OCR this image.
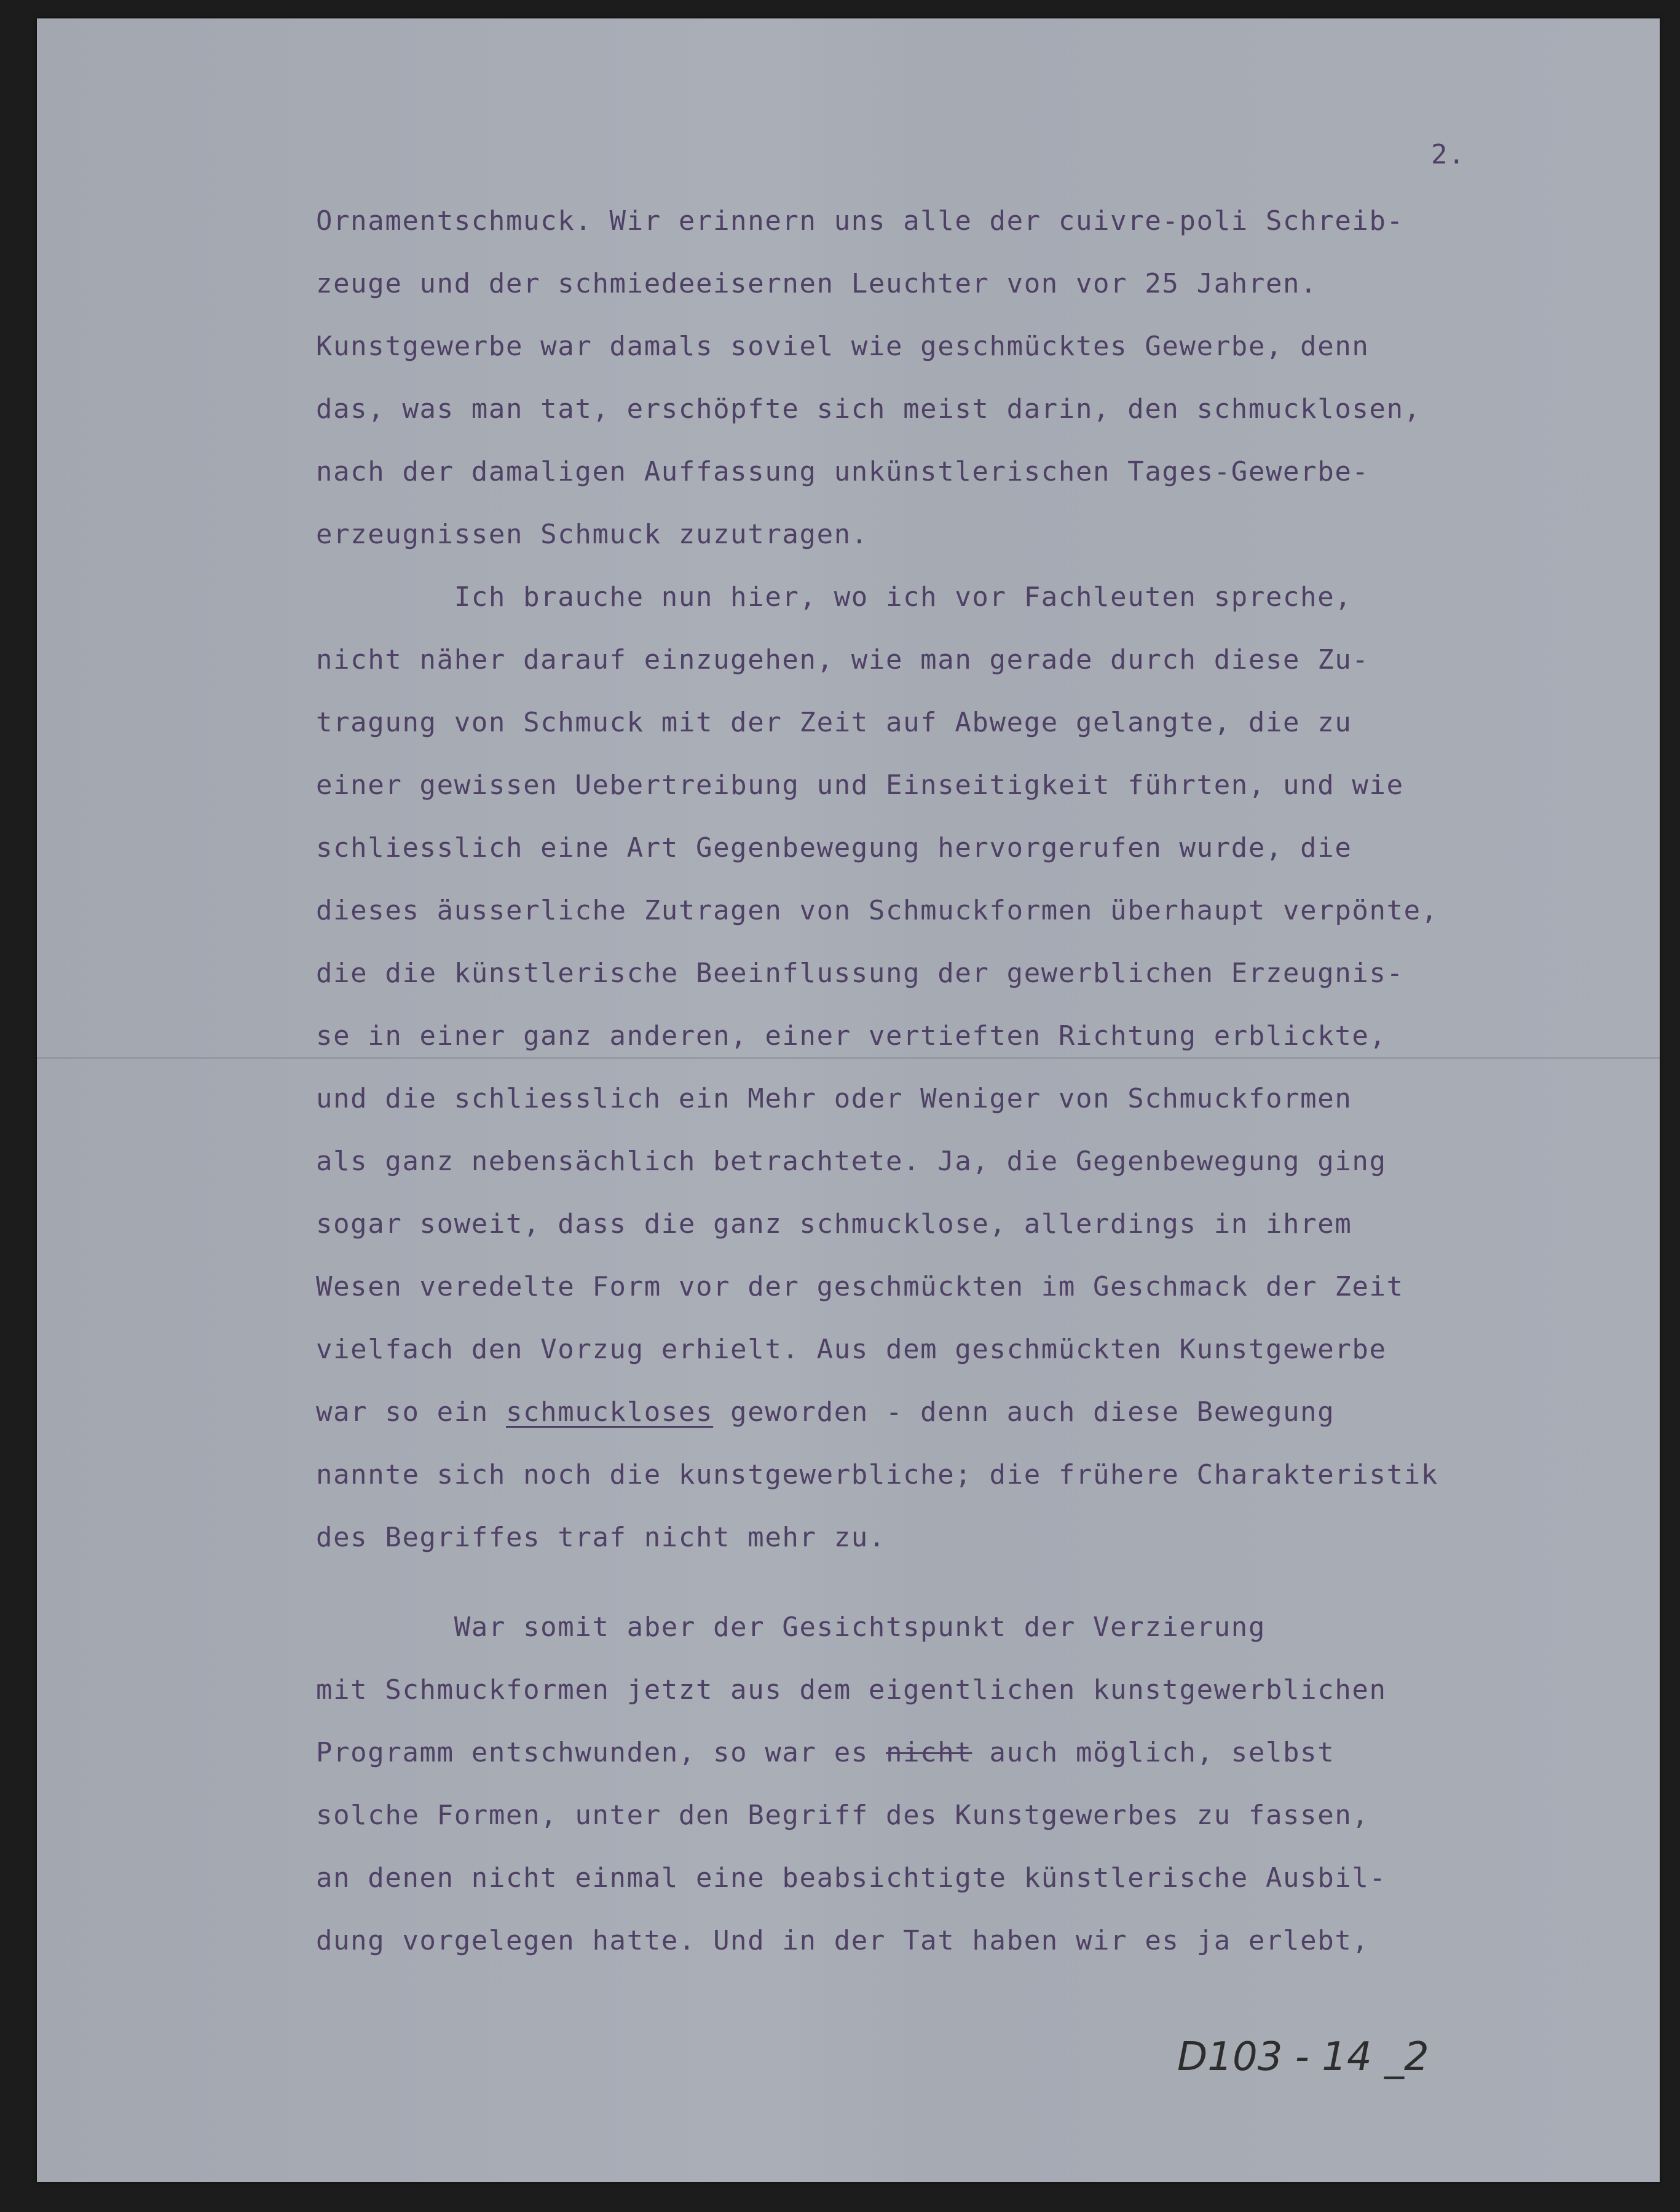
2.
Ornamentschmuck. Wir erinnern uns alle der cuivre-poli Schreib-
zeuge und der schmiedeeisernen Leuchter von vor 25 Jahren.
Kunstgewerbe war damals soviel wie geschmücktes Gewerbe, denn
das, was man tat, erschöpfte sich meist darin, den schmucklosen,
nach der damaligen Auffassung unkünstlerischen Tages-Gewerbe-
erzeugnissen Schmuck zuzutragen.
Ich brauche nun hier, wo ich vor Fachleuten spreche,
nicht näher darauf einzugehen, wie man gerade durch diese Zu-
tragung von Schmuck mit der Zeit auf Abwege gelangte, die zu
einer gewissen Uebertreibung und Einseitigkeit führten, und wie
schliesslich eine Art Gegenbewegung hervorgerufen wurde, die
dieses äusserliche Zutragen von Schmuckformen überhaupt verpönte,
die die künstlerische Beeinflussung der gewerblichen Erzeugnis-
se in einer ganz anderen, einer vertieften Richtung erblickte,
und die schliesslich ein Mehr oder Weniger von Schmuckformen
als ganz nebensächlich betrachtete. Ja, die Gegenbewegung ging
sogar soweit, dass die ganz schmucklose, allerdings in ihrem
Wesen veredelte Form vor der geschmückten im Geschmack der Zeit
vielfach den Vorzug erhielt. Aus dem geschmückten Kunstgewerbe
war so ein schmuckloses geworden - denn auch diese Bewegung
nannte sich noch die kunstgewerbliche; die frühere Charakteristik
des Begriffes traf nicht mehr zu.
War somit aber der Gesichtspunkt der Verzierung
mit Schmuckformen jetzt aus dem eigentlichen kunstgewerblichen
Programm entschwunden, so war es nicht auch möglich, selbst
solche Formen, unter den Begriff des Kunstgewerbes zu fassen,
an denen nicht einmal eine beabsichtigte künstlerische Ausbil-
dung vorgelegen hatte. Und in der Tat haben wir es ja erlebt,
D103 - 14 _2
